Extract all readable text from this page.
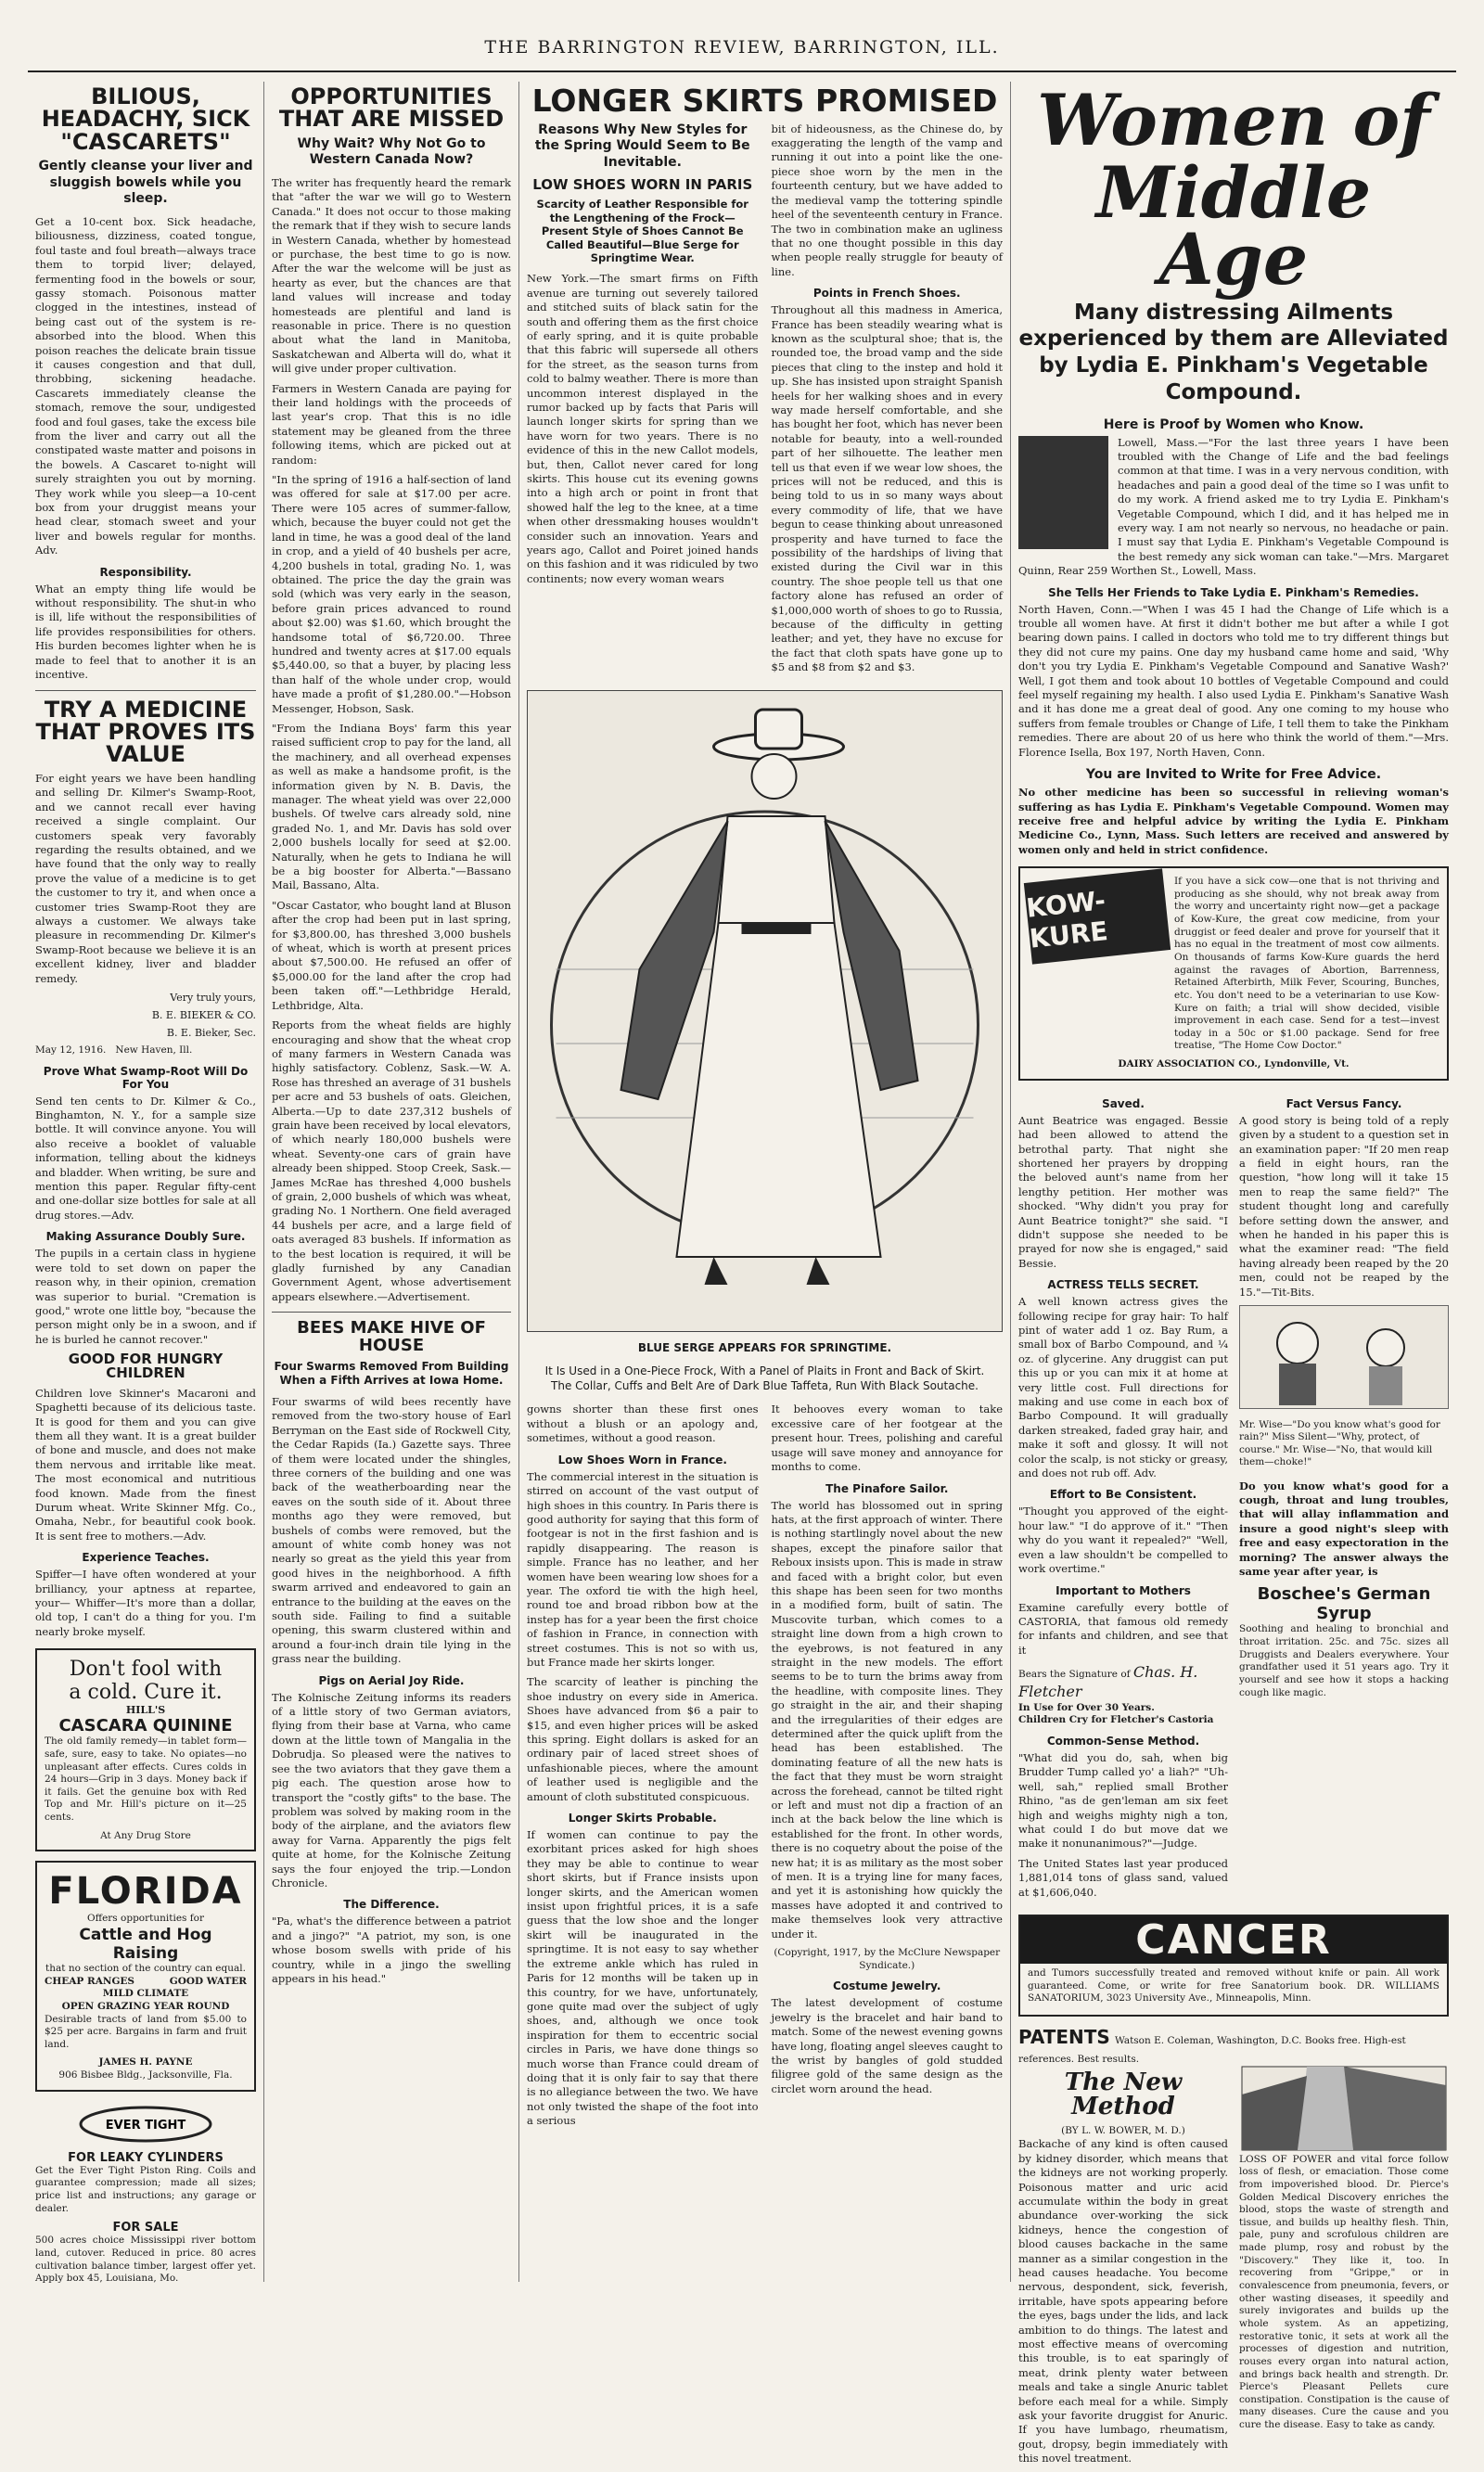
THE BARRINGTON REVIEW, BARRINGTON, ILL.
BILIOUS, HEADACHY, SICK "CASCARETS"
Gently cleanse your liver and sluggish bowels while you sleep.

Get a 10-cent box. Sick headache, biliousness, dizziness, coated tongue, foul taste and foul breath—always trace them to torpid liver; delayed, fermenting food in the bowels or sour, gassy stomach. Poisonous matter clogged in the intestines, instead of being cast out of the system is re-absorbed into the blood. When this poison reaches the delicate brain tissue it causes congestion and that dull, throbbing, sickening headache. Cascarets immediately cleanse the stomach, remove the sour, undigested food and foul gases, take the excess bile from the liver and carry out all the constipated waste matter and poisons in the bowels. A Cascaret to-night will surely straighten you out by morning. They work while you sleep—a 10-cent box from your druggist means your head clear, stomach sweet and your liver and bowels regular for months. Adv.

Responsibility.

What an empty thing life would be without responsibility. The shut-in who is ill, life without the responsibilities of life provides responsibilities for others. His burden becomes lighter when he is made to feel that to another it is an incentive.

TRY A MEDICINE THAT PROVES ITS VALUE

For eight years we have been handling and selling Dr. Kilmer's Swamp-Root, and we cannot recall ever having received a single complaint. Our customers speak very favorably regarding the results obtained, and we have found that the only way to really prove the value of a medicine is to get the customer to try it, and when once a customer tries Swamp-Root they are always a customer. We always take pleasure in recommending Dr. Kilmer's Swamp-Root because we believe it is an excellent kidney, liver and bladder remedy.

Very truly yours,
B. E. BIEKER & CO.
B. E. Bieker, Sec.
May 12, 1916. New Haven, Ill.
Prove What Swamp-Root Will Do For You

Send ten cents to Dr. Kilmer & Co., Binghamton, N. Y., for a sample size bottle. It will convince anyone. You will also receive a booklet of valuable information, telling about the kidneys and bladder. When writing, be sure and mention this paper. Regular fifty-cent and one-dollar size bottles for sale at all drug stores.—Adv.

Making Assurance Doubly Sure.

The pupils in a certain class in hygiene were told to set down on paper the reason why, in their opinion, cremation was superior to burial. "Cremation is good," wrote one little boy, "because the person might only be in a swoon, and if he is burled he cannot recover."

GOOD FOR HUNGRY CHILDREN

Children love Skinner's Macaroni and Spaghetti because of its delicious taste. It is good for them and you can give them all they want. It is a great builder of bone and muscle, and does not make them nervous and irritable like meat. The most economical and nutritious food known. Made from the finest Durum wheat. Write Skinner Mfg. Co., Omaha, Nebr., for beautiful cook book. It is sent free to mothers.—Adv.

Experience Teaches.

Spiffer—I have often wondered at your brilliancy, your aptness at repartee, your— Whiffer—It's more than a dollar, old top, I can't do a thing for you. I'm nearly broke myself.

Don't fool with
a cold. Cure it.
HILL'S
CASCARA QUININE

The old family remedy—in tablet form—safe, sure, easy to take. No opiates—no unpleasant after effects. Cures colds in 24 hours—Grip in 3 days. Money back if it fails. Get the genuine box with Red Top and Mr. Hill's picture on it—25 cents.

At Any Drug Store
FLORIDA
Offers opportunities for
Cattle and Hog Raising
that no section of the country can equal.
CHEAP RANGES	GOOD WATER
MILD CLIMATE
OPEN GRAZING YEAR ROUND

Desirable tracts of land from $5.00 to $25 per acre. Bargains in farm and fruit land.

JAMES H. PAYNE
906 Bisbee Bldg., Jacksonville, Fla.
EVER TIGHT
FOR LEAKY CYLINDERS

Get the Ever Tight Piston Ring. Coils and guarantee compression; made all sizes; price list and instructions; any garage or dealer.

FOR SALE

500 acres choice Mississippi river bottom land, cutover. Reduced in price. 80 acres cultivation balance timber, largest offer yet. Apply box 45, Louisiana, Mo.

OPPORTUNITIES THAT ARE MISSED
Why Wait? Why Not Go to Western Canada Now?

The writer has frequently heard the remark that "after the war we will go to Western Canada." It does not occur to those making the remark that if they wish to secure lands in Western Canada, whether by homestead or purchase, the best time to go is now. After the war the welcome will be just as hearty as ever, but the chances are that land values will increase and today homesteads are plentiful and land is reasonable in price. There is no question about what the land in Manitoba, Saskatchewan and Alberta will do, what it will give under proper cultivation.

Farmers in Western Canada are paying for their land holdings with the proceeds of last year's crop. That this is no idle statement may be gleaned from the three following items, which are picked out at random:

"In the spring of 1916 a half-section of land was offered for sale at $17.00 per acre. There were 105 acres of summer-fallow, which, because the buyer could not get the land in time, he was a good deal of the land in crop, and a yield of 40 bushels per acre, 4,200 bushels in total, grading No. 1, was obtained. The price the day the grain was sold (which was very early in the season, before grain prices advanced to round about $2.00) was $1.60, which brought the handsome total of $6,720.00. Three hundred and twenty acres at $17.00 equals $5,440.00, so that a buyer, by placing less than half of the whole under crop, would have made a profit of $1,280.00."—Hobson Messenger, Hobson, Sask.

"From the Indiana Boys' farm this year raised sufficient crop to pay for the land, all the machinery, and all overhead expenses as well as make a handsome profit, is the information given by N. B. Davis, the manager. The wheat yield was over 22,000 bushels. Of twelve cars already sold, nine graded No. 1, and Mr. Davis has sold over 2,000 bushels locally for seed at $2.00. Naturally, when he gets to Indiana he will be a big booster for Alberta."—Bassano Mail, Bassano, Alta.

"Oscar Castator, who bought land at Bluson after the crop had been put in last spring, for $3,800.00, has threshed 3,000 bushels of wheat, which is worth at present prices about $7,500.00. He refused an offer of $5,000.00 for the land after the crop had been taken off."—Lethbridge Herald, Lethbridge, Alta.

Reports from the wheat fields are highly encouraging and show that the wheat crop of many farmers in Western Canada was highly satisfactory. Coblenz, Sask.—W. A. Rose has threshed an average of 31 bushels per acre and 53 bushels of oats. Gleichen, Alberta.—Up to date 237,312 bushels of grain have been received by local elevators, of which nearly 180,000 bushels were wheat. Seventy-one cars of grain have already been shipped. Stoop Creek, Sask.—James McRae has threshed 4,000 bushels of grain, 2,000 bushels of which was wheat, grading No. 1 Northern. One field averaged 44 bushels per acre, and a large field of oats averaged 83 bushels. If information as to the best location is required, it will be gladly furnished by any Canadian Government Agent, whose advertisement appears elsewhere.—Advertisement.

BEES MAKE HIVE OF HOUSE
Four Swarms Removed From Building When a Fifth Arrives at Iowa Home.

Four swarms of wild bees recently have removed from the two-story house of Earl Berryman on the East side of Rockwell City, the Cedar Rapids (Ia.) Gazette says. Three of them were located under the shingles, three corners of the building and one was back of the weatherboarding near the eaves on the south side of it. About three months ago they were removed, but bushels of combs were removed, but the amount of white comb honey was not nearly so great as the yield this year from good hives in the neighborhood. A fifth swarm arrived and endeavored to gain an entrance to the building at the eaves on the south side. Failing to find a suitable opening, this swarm clustered within and around a four-inch drain tile lying in the grass near the building.

Pigs on Aerial Joy Ride.

The Kolnische Zeitung informs its readers of a little story of two German aviators, flying from their base at Varna, who came down at the little town of Mangalia in the Dobrudja. So pleased were the natives to see the two aviators that they gave them a pig each. The question arose how to transport the "costly gifts" to the base. The problem was solved by making room in the body of the airplane, and the aviators flew away for Varna. Apparently the pigs felt quite at home, for the Kolnische Zeitung says the four enjoyed the trip.—London Chronicle.

The Difference.

"Pa, what's the difference between a patriot and a jingo?" "A patriot, my son, is one whose bosom swells with pride of his country, while in a jingo the swelling appears in his head."

LONGER SKIRTS PROMISED
Reasons Why New Styles for the Spring Would Seem to Be Inevitable.
LOW SHOES WORN IN PARIS
Scarcity of Leather Responsible for the Lengthening of the Frock—Present Style of Shoes Cannot Be Called Beautiful—Blue Serge for Springtime Wear.

New York.—The smart firms on Fifth avenue are turning out severely tailored and stitched suits of black satin for the south and offering them as the first choice of early spring, and it is quite probable that this fabric will supersede all others for the street, as the season turns from cold to balmy weather. There is more than uncommon interest displayed in the rumor backed up by facts that Paris will launch longer skirts for spring than we have worn for two years. There is no evidence of this in the new Callot models, but, then, Callot never cared for long skirts. This house cut its evening gowns into a high arch or point in front that showed half the leg to the knee, at a time when other dressmaking houses wouldn't consider such an innovation. Years and years ago, Callot and Poiret joined hands on this fashion and it was ridiculed by two continents; now every woman wears

bit of hideousness, as the Chinese do, by exaggerating the length of the vamp and running it out into a point like the one-piece shoe worn by the men in the fourteenth century, but we have added to the medieval vamp the tottering spindle heel of the seventeenth century in France. The two in combination make an ugliness that no one thought possible in this day when people really struggle for beauty of line.

Points in French Shoes.

Throughout all this madness in America, France has been steadily wearing what is known as the sculptural shoe; that is, the rounded toe, the broad vamp and the side pieces that cling to the instep and hold it up. She has insisted upon straight Spanish heels for her walking shoes and in every way made herself comfortable, and she has bought her foot, which has never been notable for beauty, into a well-rounded part of her silhouette. The leather men tell us that even if we wear low shoes, the prices will not be reduced, and this is being told to us in so many ways about every commodity of life, that we have begun to cease thinking about unreasoned prosperity and have turned to face the possibility of the hardships of living that existed during the Civil war in this country. The shoe people tell us that one factory alone has refused an order of $1,000,000 worth of shoes to go to Russia, because of the difficulty in getting leather; and yet, they have no excuse for the fact that cloth spats have gone up to $5 and $8 from $2 and $3.

BLUE SERGE APPEARS FOR SPRINGTIME.
It Is Used in a One-Piece Frock, With a Panel of Plaits in Front and Back of Skirt. The Collar, Cuffs and Belt Are of Dark Blue Taffeta, Run With Black Soutache.

gowns shorter than these first ones without a blush or an apology and, sometimes, without a good reason.

Low Shoes Worn in France.

The commercial interest in the situation is stirred on account of the vast output of high shoes in this country. In Paris there is good authority for saying that this form of footgear is not in the first fashion and is rapidly disappearing. The reason is simple. France has no leather, and her women have been wearing low shoes for a year. The oxford tie with the high heel, round toe and broad ribbon bow at the instep has for a year been the first choice of fashion in France, in connection with street costumes. This is not so with us, but France made her skirts longer.

The scarcity of leather is pinching the shoe industry on every side in America. Shoes have advanced from $6 a pair to $15, and even higher prices will be asked this spring. Eight dollars is asked for an ordinary pair of laced street shoes of unfashionable pieces, where the amount of leather used is negligible and the amount of cloth substituted conspicuous.

Longer Skirts Probable.

If women can continue to pay the exorbitant prices asked for high shoes they may be able to continue to wear short skirts, but if France insists upon longer skirts, and the American women insist upon frightful prices, it is a safe guess that the low shoe and the longer skirt will be inaugurated in the springtime. It is not easy to say whether the extreme ankle which has ruled in Paris for 12 months will be taken up in this country, for we have, unfortunately, gone quite mad over the subject of ugly shoes, and, although we once took inspiration for them to eccentric social circles in Paris, we have done things so much worse than France could dream of doing that it is only fair to say that there is no allegiance between the two. We have not only twisted the shape of the foot into a serious

It behooves every woman to take excessive care of her footgear at the present hour. Trees, polishing and careful usage will save money and annoyance for months to come.

The Pinafore Sailor.

The world has blossomed out in spring hats, at the first approach of winter. There is nothing startlingly novel about the new shapes, except the pinafore sailor that Reboux insists upon. This is made in straw and faced with a bright color, but even this shape has been seen for two months in a modified form, built of satin. The Muscovite turban, which comes to a straight line down from a high crown to the eyebrows, is not featured in any straight in the new models. The effort seems to be to turn the brims away from the headline, with composite lines. They go straight in the air, and their shaping and the irregularities of their edges are determined after the quick uplift from the head has been established. The dominating feature of all the new hats is the fact that they must be worn straight across the forehead, cannot be tilted right or left and must not dip a fraction of an inch at the back below the line which is established for the front. In other words, there is no coquetry about the poise of the new hat; it is as military as the most sober of men. It is a trying line for many faces, and yet it is astonishing how quickly the masses have adopted it and contrived to make themselves look very attractive under it.

(Copyright, 1917, by the McClure Newspaper Syndicate.)
Costume Jewelry.

The latest development of costume jewelry is the bracelet and hair band to match. Some of the newest evening gowns have long, floating angel sleeves caught to the wrist by bangles of gold studded filigree gold of the same design as the circlet worn around the head.

Women of
Middle Age
Many distressing Ailments experienced by them are Alleviated by Lydia E. Pinkham's Vegetable Compound.
Here is Proof by Women who Know.

Lowell, Mass.—"For the last three years I have been troubled with the Change of Life and the bad feelings common at that time. I was in a very nervous condition, with headaches and pain a good deal of the time so I was unfit to do my work. A friend asked me to try Lydia E. Pinkham's Vegetable Compound, which I did, and it has helped me in every way. I am not nearly so nervous, no headache or pain. I must say that Lydia E. Pinkham's Vegetable Compound is the best remedy any sick woman can take."—Mrs. Margaret Quinn, Rear 259 Worthen St., Lowell, Mass.

She Tells Her Friends to Take Lydia E. Pinkham's Remedies.

North Haven, Conn.—"When I was 45 I had the Change of Life which is a trouble all women have. At first it didn't bother me but after a while I got bearing down pains. I called in doctors who told me to try different things but they did not cure my pains. One day my husband came home and said, 'Why don't you try Lydia E. Pinkham's Vegetable Compound and Sanative Wash?' Well, I got them and took about 10 bottles of Vegetable Compound and could feel myself regaining my health. I also used Lydia E. Pinkham's Sanative Wash and it has done me a great deal of good. Any one coming to my house who suffers from female troubles or Change of Life, I tell them to take the Pinkham remedies. There are about 20 of us here who think the world of them."—Mrs. Florence Isella, Box 197, North Haven, Conn.

You are Invited to Write for Free Advice.

No other medicine has been so successful in relieving woman's suffering as has Lydia E. Pinkham's Vegetable Compound. Women may receive free and helpful advice by writing the Lydia E. Pinkham Medicine Co., Lynn, Mass. Such letters are received and answered by women only and held in strict confidence.

KOW-KURE

If you have a sick cow—one that is not thriving and producing as she should, why not break away from the worry and uncertainty right now—get a package of Kow-Kure, the great cow medicine, from your druggist or feed dealer and prove for yourself that it has no equal in the treatment of most cow ailments. On thousands of farms Kow-Kure guards the herd against the ravages of Abortion, Barrenness, Retained Afterbirth, Milk Fever, Scouring, Bunches, etc. You don't need to be a veterinarian to use Kow-Kure on faith; a trial will show decided, visible improvement in each case. Send for a test—invest today in a 50c or $1.00 package. Send for free treatise, "The Home Cow Doctor."

DAIRY ASSOCIATION CO., Lyndonville, Vt.
Saved.

Aunt Beatrice was engaged. Bessie had been allowed to attend the betrothal party. That night she shortened her prayers by dropping the beloved aunt's name from her lengthy petition. Her mother was shocked. "Why didn't you pray for Aunt Beatrice tonight?" she said. "I didn't suppose she needed to be prayed for now she is engaged," said Bessie.

ACTRESS TELLS SECRET.

A well known actress gives the following recipe for gray hair: To half pint of water add 1 oz. Bay Rum, a small box of Barbo Compound, and ¼ oz. of glycerine. Any druggist can put this up or you can mix it at home at very little cost. Full directions for making and use come in each box of Barbo Compound. It will gradually darken streaked, faded gray hair, and make it soft and glossy. It will not color the scalp, is not sticky or greasy, and does not rub off. Adv.

Effort to Be Consistent.

"Thought you approved of the eight-hour law." "I do approve of it." "Then why do you want it repealed?" "Well, even a law shouldn't be compelled to work overtime."

Important to Mothers

Examine carefully every bottle of CASTORIA, that famous old remedy for infants and children, and see that it

Bears the Signature of Chas. H. Fletcher
In Use for Over 30 Years.
Children Cry for Fletcher's Castoria
Common-Sense Method.

"What did you do, sah, when big Brudder Tump called yo' a liah?" "Uh-well, sah," replied small Brother Rhino, "as de gen'leman am six feet high and weighs mighty nigh a ton, what could I do but move dat we make it nonunanimous?"—Judge.

The United States last year produced 1,881,014 tons of glass sand, valued at $1,606,040.

Fact Versus Fancy.

A good story is being told of a reply given by a student to a question set in an examination paper: "If 20 men reap a field in eight hours, ran the question, "how long will it take 15 men to reap the same field?" The student thought long and carefully before setting down the answer, and when he handed in his paper this is what the examiner read: "The field having already been reaped by the 20 men, could not be reaped by the 15."—Tit-Bits.

Mr. Wise—"Do you know what's good for rain?" Miss Silent—"Why, protect, of course." Mr. Wise—"No, that would kill them—choke!"

Do you know what's good for a cough, throat and lung troubles, that will allay inflammation and insure a good night's sleep with free and easy expectoration in the morning? The answer always the same year after year, is

Boschee's German Syrup

Soothing and healing to bronchial and throat irritation. 25c. and 75c. sizes all Druggists and Dealers everywhere. Your grandfather used it 51 years ago. Try it yourself and see how it stops a hacking cough like magic.

CANCER

and Tumors successfully treated and removed without knife or pain. All work guaranteed. Come, or write for free Sanatorium book. DR. WILLIAMS SANATORIUM, 3023 University Ave., Minneapolis, Minn.

PATENTS Watson E. Coleman, Washington, D.C. Books free. High-est references. Best results.
The New Method
(BY L. W. BOWER, M. D.)

Backache of any kind is often caused by kidney disorder, which means that the kidneys are not working properly. Poisonous matter and uric acid accumulate within the body in great abundance over-working the sick kidneys, hence the congestion of blood causes backache in the same manner as a similar congestion in the head causes headache. You become nervous, despondent, sick, feverish, irritable, have spots appearing before the eyes, bags under the lids, and lack ambition to do things. The latest and most effective means of overcoming this trouble, is to eat sparingly of meat, drink plenty water between meals and take a single Anuric tablet before each meal for a while. Simply ask your favorite druggist for Anuric. If you have lumbago, rheumatism, gout, dropsy, begin immediately with this novel treatment.

LOSS OF POWER and vital force follow loss of flesh, or emaciation. Those come from impoverished blood. Dr. Pierce's Golden Medical Discovery enriches the blood, stops the waste of strength and tissue, and builds up healthy flesh. Thin, pale, puny and scrofulous children are made plump, rosy and robust by the "Discovery." They like it, too. In recovering from "Grippe," or in convalescence from pneumonia, fevers, or other wasting diseases, it speedily and surely invigorates and builds up the whole system. As an appetizing, restorative tonic, it sets at work all the processes of digestion and nutrition, rouses every organ into natural action, and brings back health and strength. Dr. Pierce's Pleasant Pellets cure constipation. Constipation is the cause of many diseases. Cure the cause and you cure the disease. Easy to take as candy.
